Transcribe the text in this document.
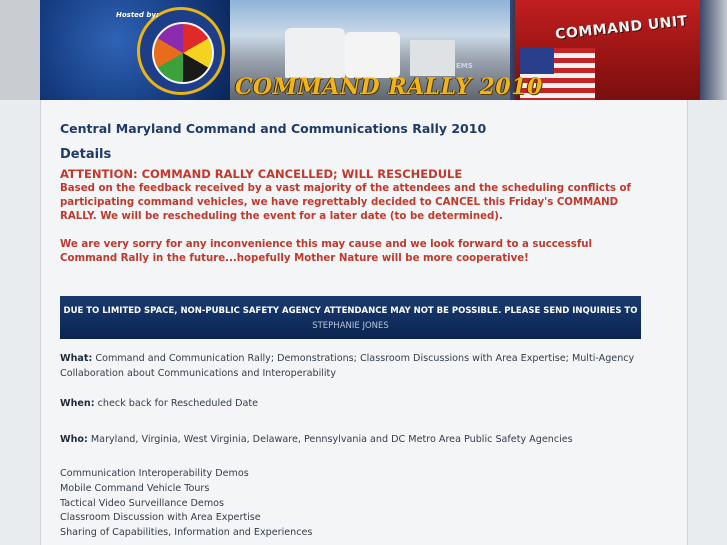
Hosted by:	COMMAND UNIT
EMS
COMMAND RALLY 2010
Central Maryland Command and Communications Rally 2010
Details
ATTENTION: COMMAND RALLY CANCELLED; WILL RESCHEDULE
Based on the feedback received by a vast majority of the attendees and the scheduling conflicts of participating command vehicles, we have regrettably decided to CANCEL this Friday's COMMAND RALLY. We will be rescheduling the event for a later date (to be determined).
We are very sorry for any inconvenience this may cause and we look forward to a successful Command Rally in the future...hopefully Mother Nature will be more cooperative!
DUE TO LIMITED SPACE, NON-PUBLIC SAFETY AGENCY ATTENDANCE MAY NOT BE POSSIBLE. PLEASE SEND INQUIRIES TO
STEPHANIE JONES
What: Command and Communication Rally; Demonstrations; Classroom Discussions with Area Expertise; Multi-Agency Collaboration about Communications and Interoperability
When: check back for Rescheduled Date
Who: Maryland, Virginia, West Virginia, Delaware, Pennsylvania and DC Metro Area Public Safety Agencies
Communication Interoperability Demos
Mobile Command Vehicle Tours
Tactical Video Surveillance Demos
Classroom Discussion with Area Expertise
Sharing of Capabilities, Information and Experiences
